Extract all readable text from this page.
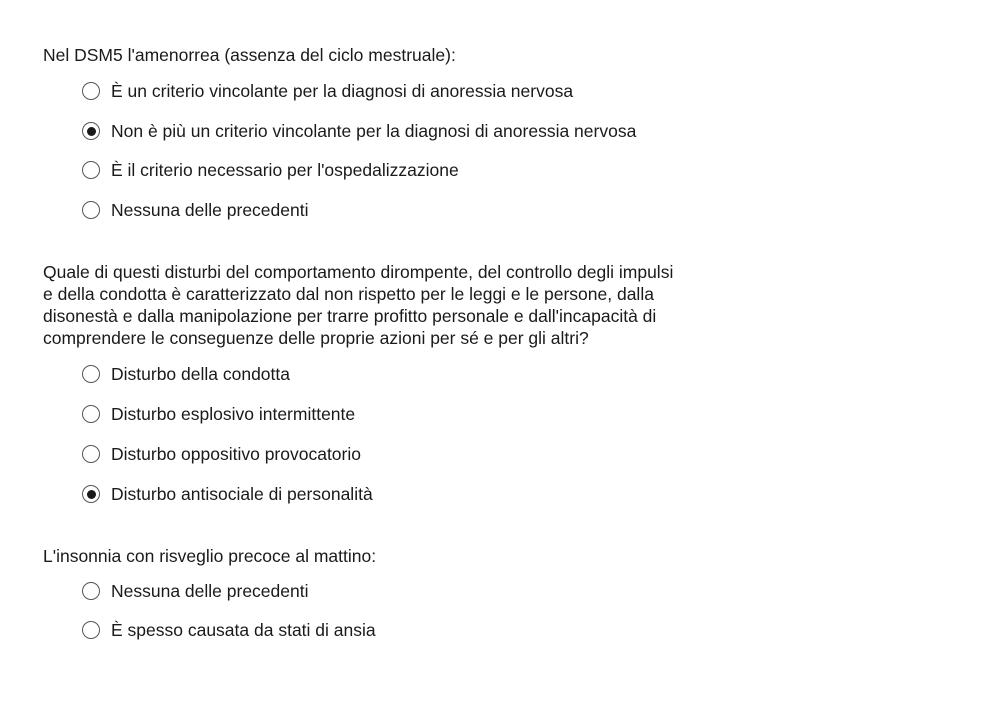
Nel DSM5 l'amenorrea (assenza del ciclo mestruale):
È un criterio vincolante per la diagnosi di anoressia nervosa
Non è più un criterio vincolante per la diagnosi di anoressia nervosa
È il criterio necessario per l'ospedalizzazione
Nessuna delle precedenti
Quale di questi disturbi del comportamento dirompente, del controllo degli impulsi
e della condotta è caratterizzato dal non rispetto per le leggi e le persone, dalla
disonestà e dalla manipolazione per trarre profitto personale e dall'incapacità di
comprendere le conseguenze delle proprie azioni per sé e per gli altri?
Disturbo della condotta
Disturbo esplosivo intermittente
Disturbo oppositivo provocatorio
Disturbo antisociale di personalità
L'insonnia con risveglio precoce al mattino:
Nessuna delle precedenti
È spesso causata da stati di ansia
